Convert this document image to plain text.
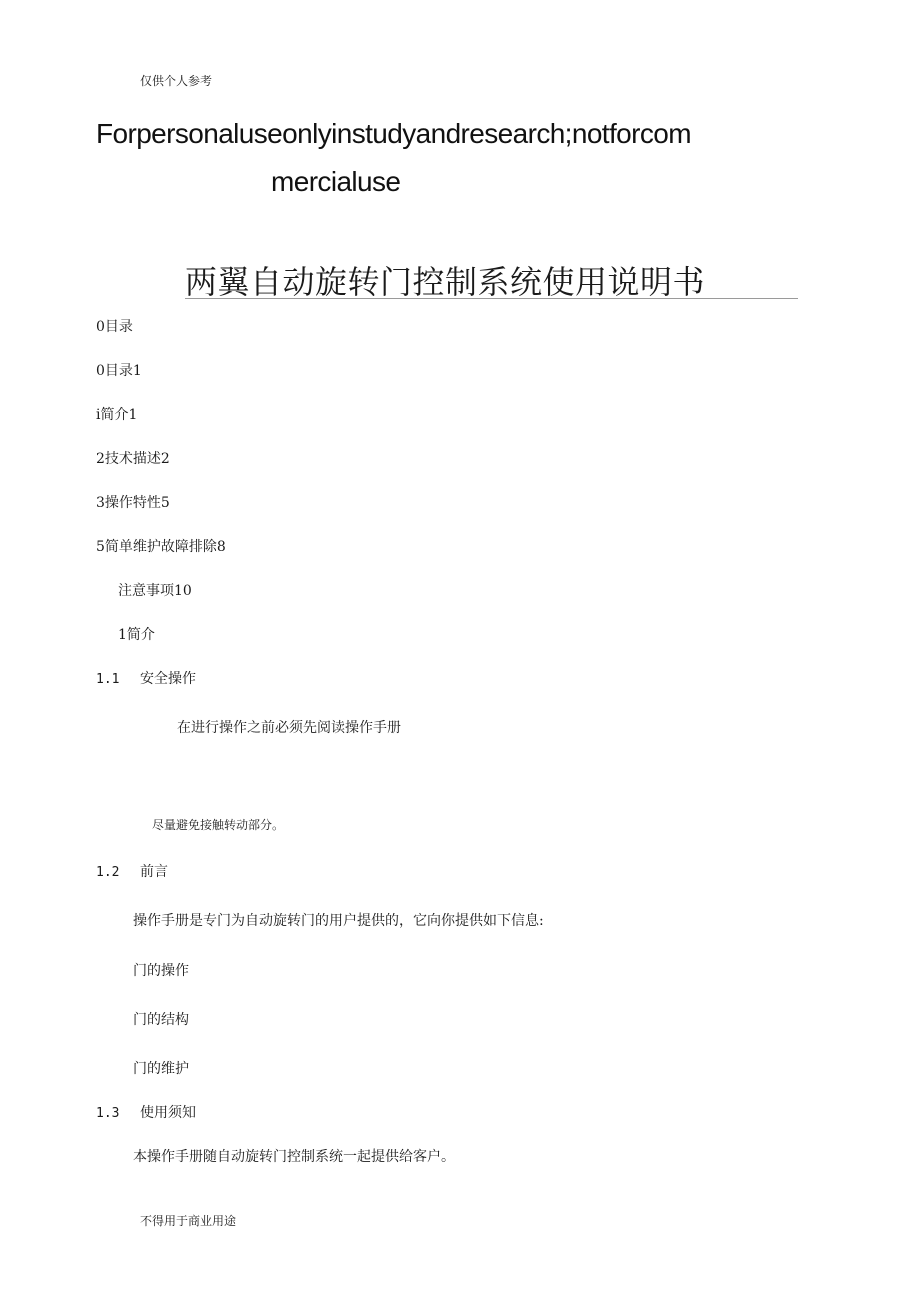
仅供个人参考
Forpersonaluseonlyinstudyandresearch;notforcom
mercialuse
两翼自动旋转门控制系统使用说明书
0目录
0目录1
i简介1
2技术描述2
3操作特性5
5简单维护故障排除8
注意事项10
1简介
1.1 安全操作
在进行操作之前必须先阅读操作手册
尽量避免接触转动部分。
1.2 前言
操作手册是专门为自动旋转门的用户提供的，它向你提供如下信息:
门的操作
门的结构
门的维护
1.3 使用须知
本操作手册随自动旋转门控制系统一起提供给客户。
不得用于商业用途
